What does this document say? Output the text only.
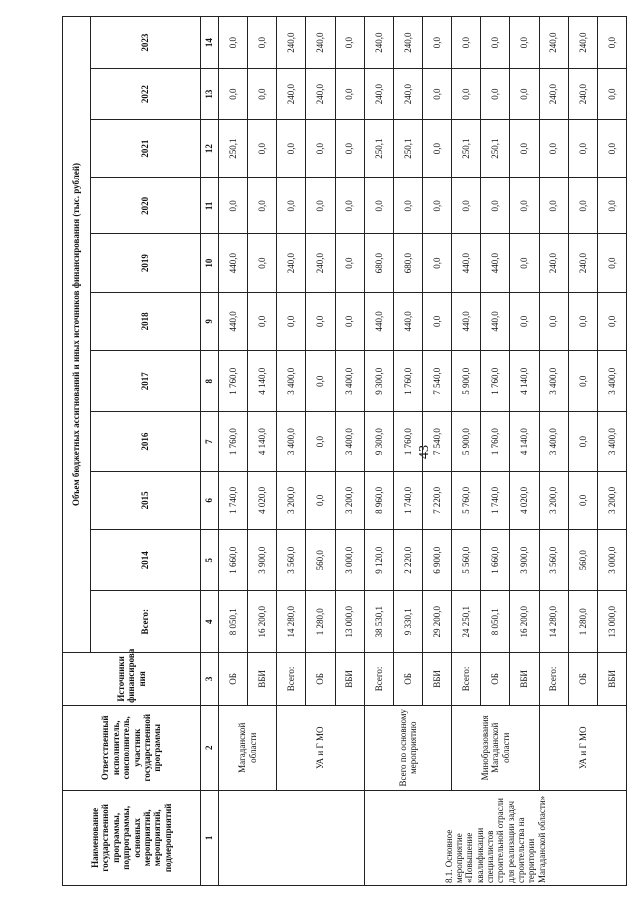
43
Наименование государственной программы, подпрограммы, основных мероприятий, мероприятий, подмероприятий	Ответственный исполнитель, соисполнитель, участник государственной программы	Источники финансирова ния	Объем бюджетных ассигнований и иных источников финансирования (тыс. рублей)										
			Всего:	2014	2015	2016	2017	2018	2019	2020	2021	2022	2023
1	2	3	4	5	6	7	8	9	10	11	12	13	14
	Магаданской области	ОБ	8 050,1	1 660,0	1 740,0	1 760,0	1 760,0	440,0	440,0	0,0	250,1	0,0	0,0
		ВБИ	16 200,0	3 900,0	4 020,0	4 140,0	4 140,0	0,0	0,0	0,0	0,0	0,0	0,0
	УА и Г МО	Всего:	14 280,0	3 560,0	3 200,0	3 400,0	3 400,0	0,0	240,0	0,0	0,0	240,0	240,0
		ОБ	1 280,0	560,0	0,0	0,0	0,0	0,0	240,0	0,0	0,0	240,0	240,0
		ВБИ	13 000,0	3 000,0	3 200,0	3 400,0	3 400,0	0,0	0,0	0,0	0,0	0,0	0,0
8.1. Основное мероприятие «Повышение квалификации специалистов строительной отрасли для реализации задач строительства на территории Магаданской области»	Всего по основному мероприятию	Всего:	38 530,1	9 120,0	8 960,0	9 300,0	9 300,0	440,0	680,0	0,0	250,1	240,0	240,0
		ОБ	9 330,1	2 220,0	1 740,0	1 760,0	1 760,0	440,0	680,0	0,0	250,1	240,0	240,0
		ВБИ	29 200,0	6 900,0	7 220,0	7 540,0	7 540,0	0,0	0,0	0,0	0,0	0,0	0,0
	Минобразования Магаданской области	Всего:	24 250,1	5 560,0	5 760,0	5 900,0	5 900,0	440,0	440,0	0,0	250,1	0,0	0,0
		ОБ	8 050,1	1 660,0	1 740,0	1 760,0	1 760,0	440,0	440,0	0,0	250,1	0,0	0,0
		ВБИ	16 200,0	3 900,0	4 020,0	4 140,0	4 140,0	0,0	0,0	0,0	0,0	0,0	0,0
	УА и Г МО	Всего:	14 280,0	3 560,0	3 200,0	3 400,0	3 400,0	0,0	240,0	0,0	0,0	240,0	240,0
		ОБ	1 280,0	560,0	0,0	0,0	0,0	0,0	240,0	0,0	0,0	240,0	240,0
		ВБИ	13 000,0	3 000,0	3 200,0	3 400,0	3 400,0	0,0	0,0	0,0	0,0	0,0	0,0
